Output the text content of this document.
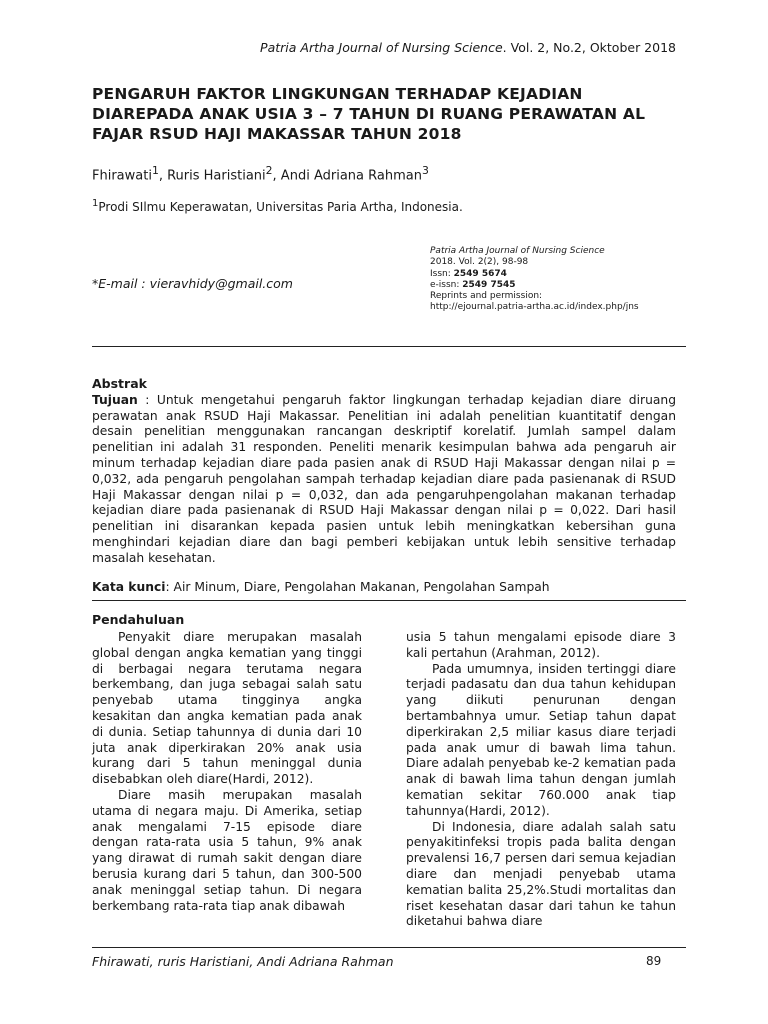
Patria Artha Journal of Nursing Science. Vol. 2, No.2, Oktober 2018
PENGARUH FAKTOR LINGKUNGAN TERHADAP KEJADIAN DIAREPADA ANAK USIA 3 – 7 TAHUN DI RUANG PERAWATAN AL FAJAR RSUD HAJI MAKASSAR TAHUN 2018
Fhirawati$^1$, Ruris Haristiani$^2$, Andi Adriana Rahman$^3$
$^1$Prodi SIlmu Keperawatan, Universitas Paria Artha, Indonesia.
*E-mail : vieravhidy@gmail.com
Patria Artha Journal of Nursing Science
2018. Vol. 2(2), 98-98
Issn: 2549 5674
e-issn: 2549 7545
Reprints and permission:
http://ejournal.patria-artha.ac.id/index.php/jns
Abstrak

Tujuan : Untuk mengetahui pengaruh faktor lingkungan terhadap kejadian diare diruang perawatan anak RSUD Haji Makassar. Penelitian ini adalah penelitian kuantitatif dengan desain penelitian menggunakan rancangan deskriptif korelatif. Jumlah sampel dalam penelitian ini adalah 31 responden. Peneliti menarik kesimpulan bahwa ada pengaruh air minum terhadap kejadian diare pada pasien anak di RSUD Haji Makassar dengan nilai p = 0,032, ada pengaruh pengolahan sampah terhadap kejadian diare pada pasienanak di RSUD Haji Makassar dengan nilai p = 0,032, dan ada pengaruhpengolahan makanan terhadap kejadian diare pada pasienanak di RSUD Haji Makassar dengan nilai p = 0,022. Dari hasil penelitian ini disarankan kepada pasien untuk lebih meningkatkan kebersihan guna menghindari kejadian diare dan bagi pemberi kebijakan untuk lebih sensitive terhadap masalah kesehatan.

Kata kunci: Air Minum, Diare, Pengolahan Makanan, Pengolahan Sampah
Pendahuluan

Penyakit diare merupakan masalah global dengan angka kematian yang tinggi di berbagai negara terutama negara berkembang, dan juga sebagai salah satu penyebab utama tingginya angka kesakitan dan angka kematian pada anak di dunia. Setiap tahunnya di dunia dari 10 juta anak diperkirakan 20% anak usia kurang dari 5 tahun meninggal dunia disebabkan oleh diare(Hardi, 2012).

Diare masih merupakan masalah utama di negara maju. Di Amerika, setiap anak mengalami 7-15 episode diare dengan rata-rata usia 5 tahun, 9% anak yang dirawat di rumah sakit dengan diare berusia kurang dari 5 tahun, dan 300-500 anak meninggal setiap tahun. Di negara berkembang rata-rata tiap anak dibawah

usia 5 tahun mengalami episode diare 3 kali pertahun (Arahman, 2012).

Pada umumnya, insiden tertinggi diare terjadi padasatu dan dua tahun kehidupan yang diikuti penurunan dengan bertambahnya umur. Setiap tahun dapat diperkirakan 2,5 miliar kasus diare terjadi pada anak umur di bawah lima tahun. Diare adalah penyebab ke-2 kematian pada anak di bawah lima tahun dengan jumlah kematian sekitar 760.000 anak tiap tahunnya(Hardi, 2012).

Di Indonesia, diare adalah salah satu penyakitinfeksi tropis pada balita dengan prevalensi 16,7 persen dari semua kejadian diare dan menjadi penyebab utama kematian balita 25,2%.Studi mortalitas dan riset kesehatan dasar dari tahun ke tahun diketahui bahwa diare

Fhirawati, ruris Haristiani, Andi Adriana Rahman	89
